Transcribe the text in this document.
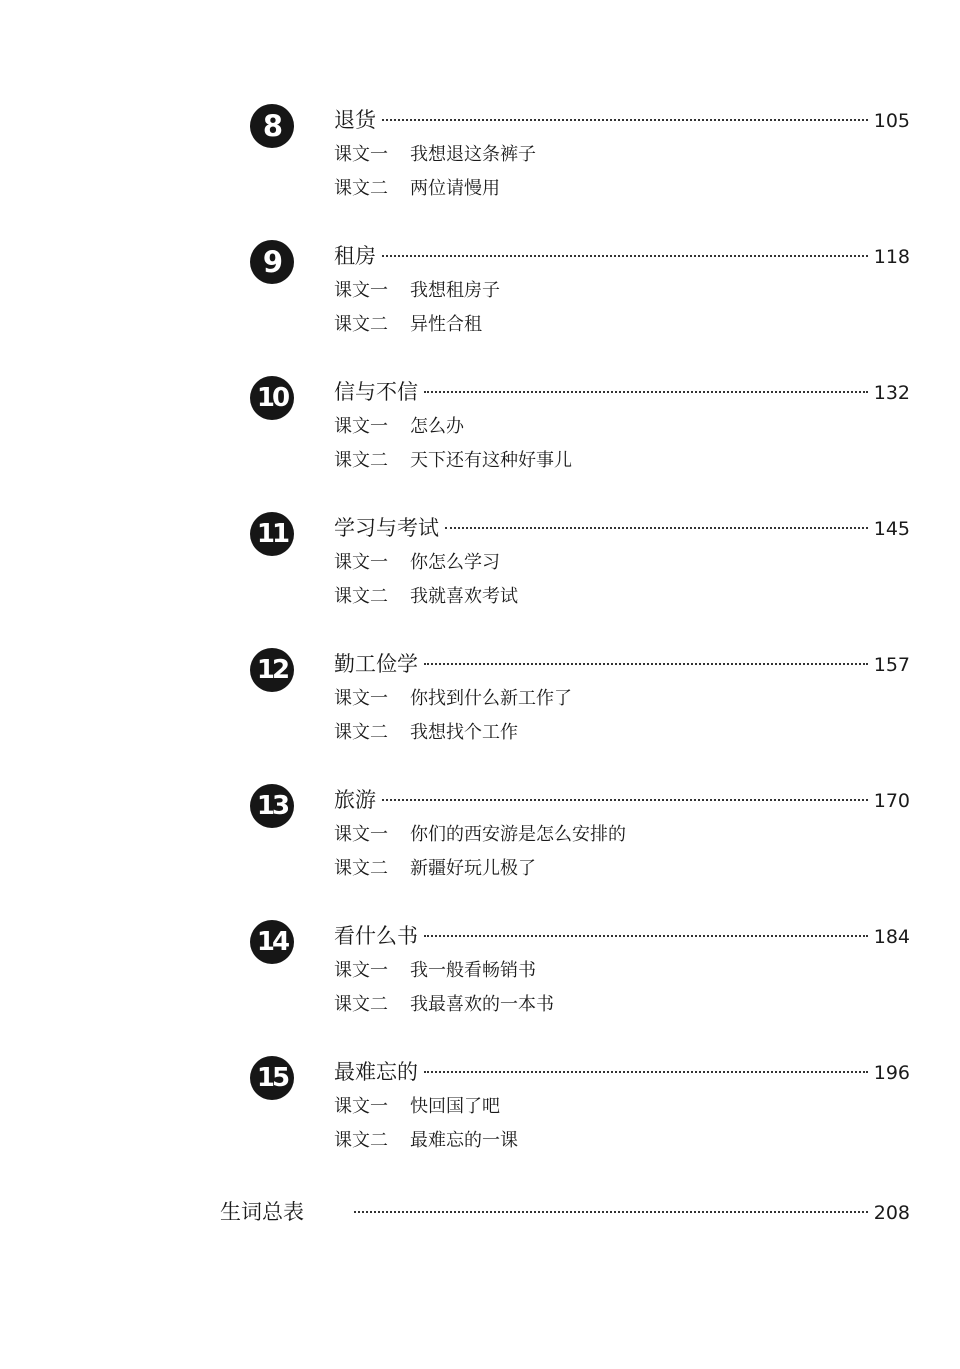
8	退货	105
课文一 我想退这条裤子
课文二 两位请慢用
9	租房	118
课文一 我想租房子
课文二 异性合租
10	信与不信	132
课文一 怎么办
课文二 天下还有这种好事儿
11	学习与考试	145
课文一 你怎么学习
课文二 我就喜欢考试
12	勤工俭学	157
课文一 你找到什么新工作了
课文二 我想找个工作
13	旅游	170
课文一 你们的西安游是怎么安排的
课文二 新疆好玩儿极了
14	看什么书	184
课文一 我一般看畅销书
课文二 我最喜欢的一本书
15	最难忘的	196
课文一 快回国了吧
课文二 最难忘的一课
生词总表	208
